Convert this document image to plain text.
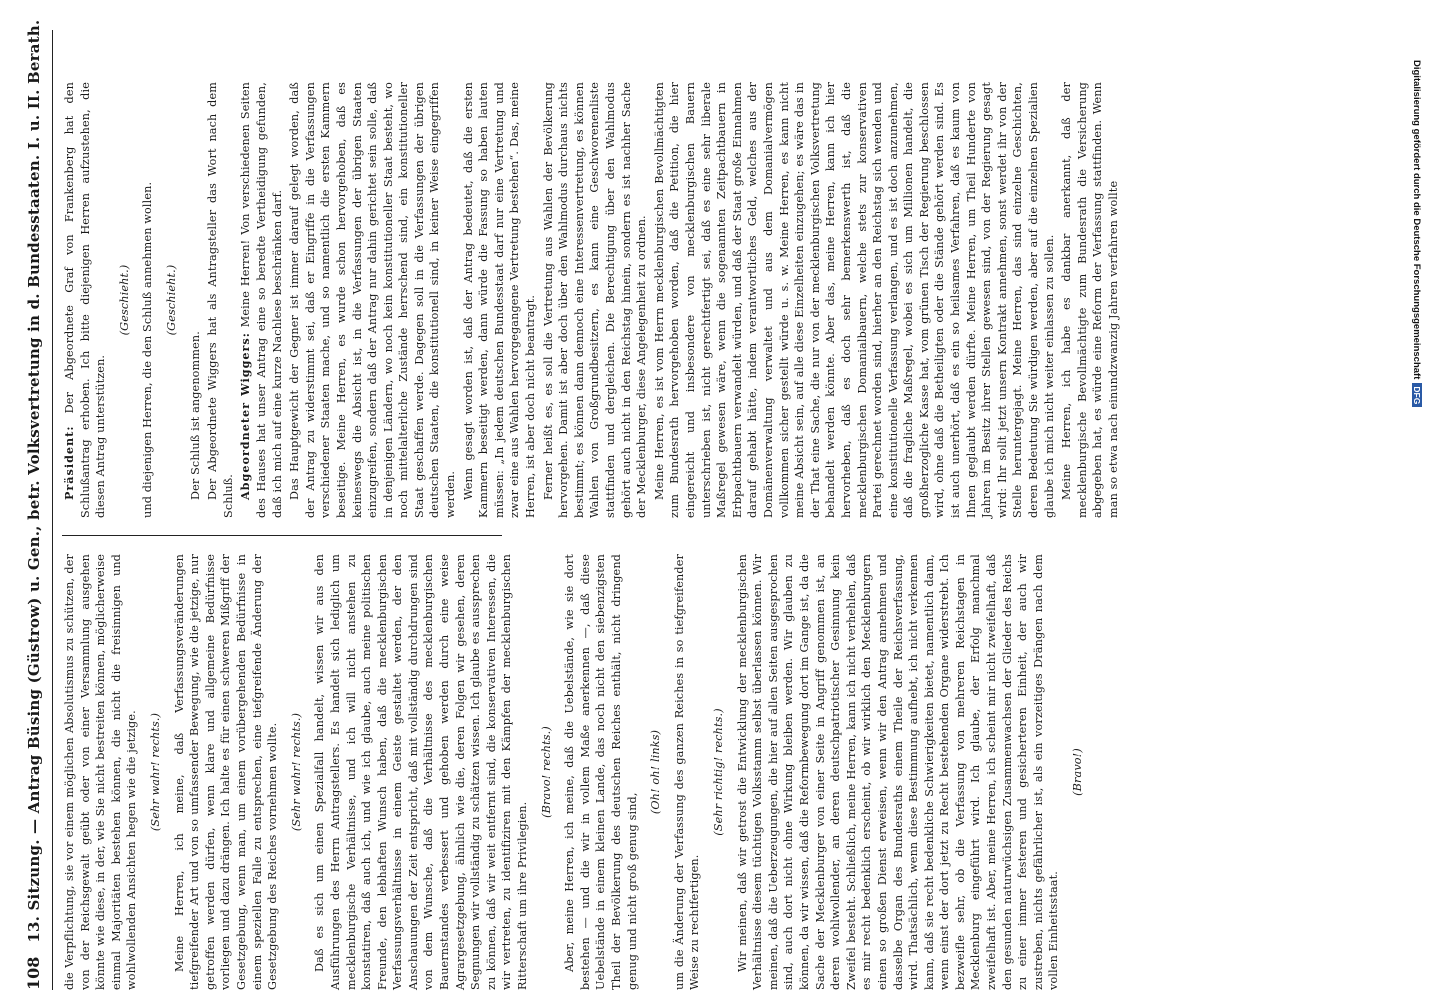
108
13. Sitzung. — Antrag Büsing (Güstrow) u. Gen., betr. Volksvertretung in d. Bundesstaaten. I. u. II. Berath. die Verpflichtung, sie vor einem möglichen Absolutismus zu schützen, der von der Reichsgewalt geübt oder von einer Versammlung ausgehen könnte wie diese, in der, wie Sie nicht bestreiten können, möglicherweise einmal Majoritäten bestehen können, die nicht die freisinnigen und wohlwollenden Ansichten hegen wie die jetzige. (Sehr wahr! rechts.) Meine Herren, ich meine, daß Verfassungsveränderungen tiefgreifender Art und von so umfassender Bewegung, wie die jetzige, nur getroffen werden dürfen, wenn klare und allgemeine Bedürfnisse vorliegen und dazu drängen. Ich halte es für einen schweren Mißgriff der Gesetzgebung, wenn man, um einem vorübergehenden Bedürfnisse in einem speziellen Falle zu entsprechen, eine tiefgreifende Änderung der Gesetzgebung des Reiches vornehmen wollte. (Sehr wahr! rechts.) Daß es sich um einen Spezialfall handelt, wissen wir aus den Ausführungen des Herrn Antragstellers. Es handelt sich lediglich um mecklenburgische Verhältnisse, und ich will nicht anstehen zu konstatiren, daß auch ich, und wie ich glaube, auch meine politischen Freunde, den lebhaften Wunsch haben, daß die mecklenburgischen Verfassungsverhältnisse in einem Geiste gestaltet werden, der den Anschauungen der Zeit entspricht, daß mit vollständig durchdrungen sind von dem Wunsche, daß die Verhältnisse des mecklenburgischen Bauernstandes verbessert und gehoben werden durch eine weise Agrargesetzgebung, ähnlich wie die, deren Folgen wir gesehen, deren Segnungen wir vollständig zu schätzen wissen. Ich glaube es aussprechen zu können, daß wir weit entfernt sind, die konservativen Interessen, die wir vertreten, zu identifiziren mit den Kämpfen der mecklenburgischen Ritterschaft um ihre Privilegien.

(Bravo! rechts.) Aber, meine Herren, ich meine, daß die Uebelstände, wie sie dort bestehen — und die wir in vollem Maße anerkennen —, daß diese Uebelstände in einem kleinen Lande, das noch nicht den siebenzigsten Theil der Bevölkerung des deutschen Reiches enthält, nicht dringend genug und nicht groß genug sind,

(Oh! oh! links) um die Änderung der Verfassung des ganzen Reiches in so tiefgreifender Weise zu rechtfertigen.

(Sehr richtig! rechts.) Wir meinen, daß wir getrost die Entwicklung der mecklenburgischen Verhältnisse diesem tüchtigen Volksstamm selbst überlassen können. Wir meinen, daß die Ueberzeugungen, die hier auf allen Seiten ausgesprochen sind, auch dort nicht ohne Wirkung bleiben werden. Wir glauben zu können, da wir wissen, daß die Reformbewegung dort im Gange ist, da die Sache der Mecklenburger von einer Seite in Angriff genommen ist, an deren wohlwollender, an deren deutschpatriotischer Gesinnung kein Zweifel besteht. Schließlich, meine Herren, kann ich nicht verhehlen, daß es mir recht bedenklich erscheint, ob wir wirklich den Mecklenburgern einen so großen Dienst erweisen, wenn wir den Antrag annehmen und dasselbe Organ des Bundesraths einem Theile der Reichsverfassung, wird. Thatsächlich, wenn diese Bestimmung aufhebt, ich nicht verkennen kann, daß sie recht bedenkliche Schwierigkeiten bietet, namentlich dann, wenn einst der dort jetzt zu Recht bestehenden Organe widerstrebt. Ich bezweifle sehr, ob die Verfassung von mehreren Reichstagen in Mecklenburg eingeführt wird. Ich glaube, der Erfolg manchmal zweifelhaft ist. Aber, meine Herren, ich scheint mir nicht zweifelhaft, daß den gesunden naturwüchsigen Zusammenwachsen der Glieder des Reichs zu einer immer festeren und gesicherteren Einheit, der auch wir zustreben, nichts gefährlicher ist, als ein vorzeitiges Drängen nach dem vollen Einheitsstaat.

(Bravo!)

Präsident: Der Abgeordnete Graf von Frankenberg hat den Schlußantrag erhoben. Ich bitte diejenigen Herren aufzustehen, die diesen Antrag unterstützen.

(Geschieht.) und diejenigen Herren, die den Schluß annehmen wollen. (Geschieht.)

Der Schluß ist angenommen. Der Abgeordnete Wiggers hat als Antragsteller das Wort nach dem Schluß. Abgeordneter Wiggers: Meine Herren! Von verschiedenen Seiten des Hauses hat unser Antrag eine so beredte Vertheidigung gefunden, daß ich mich auf eine kurze Nachlese beschränken darf. Das Hauptgewicht der Gegner ist immer darauf gelegt worden, daß der Antrag zu widerstimmt sei, daß er Eingriffe in die Verfassungen verschiedener Staaten mache, und so namentlich die ersten Kammern beseitige. Meine Herren, es wurde schon hervorgehoben, daß es keineswegs die Absicht ist, in die Verfassungen der übrigen Staaten einzugreifen, sondern daß der Antrag nur dahin gerichtet sein solle, daß in denjenigen Ländern, wo noch kein konstitutioneller Staat besteht, wo noch mittelalterliche Zustände herrschend sind, ein konstitutioneller Staat geschaffen werde. Dagegen soll in die Verfassungen der übrigen deutschen Staaten, die konstitutionell sind, in keiner Weise eingegriffen werden. Wenn gesagt worden ist, daß der Antrag bedeutet, daß die ersten Kammern beseitigt werden, dann würde die Fassung so haben lauten müssen: „In jedem deutschen Bundesstaat darf nur eine Vertretung und zwar eine aus Wahlen hervorgegangene Vertretung bestehen“. Das, meine Herren, ist aber doch nicht beantragt. Ferner heißt es, es soll die Vertretung aus Wahlen der Bevölkerung hervorgehen. Damit ist aber doch über den Wahlmodus durchaus nichts bestimmt; es können dann dennoch eine Interessenvertretung, es können Wahlen von Großgrundbesitzern, es kann eine Geschworenenliste stattfinden und dergleichen. Die Berechtigung über den Wahlmodus gehört auch nicht in den Reichstag hinein, sondern es ist nachher Sache der Mecklenburger, diese Angelegenheit zu ordnen. Meine Herren, es ist vom Herrn mecklenburgischen Bevollmächtigten zum Bundesrath hervorgehoben worden, daß die Petition, die hier eingereicht und insbesondere von mecklenburgischen Bauern unterschrieben ist, nicht gerechtfertigt sei, daß es eine sehr liberale Maßregel gewesen wäre, wenn die sogenannten Zeitpachtbauern in Erbpachtbauern verwandelt würden, und daß der Staat große Einnahmen darauf gehabt hätte, indem verantwortliches Geld, welches aus der Domänenverwaltung verwaltet und aus dem Domanialvermögen vollkommen sicher gestellt würde u. s. w. Meine Herren, es kann nicht meine Absicht sein, auf alle diese Einzelheiten einzugehen; es wäre das in der That eine Sache, die nur von der mecklenburgischen Volksvertretung behandelt werden könnte. Aber das, meine Herren, kann ich hier hervorheben, daß es doch sehr bemerkenswerth ist, daß die mecklenburgischen Domanialbauern, welche stets zur konservativen Partei gerechnet worden sind, hierher an den Reichstag sich wenden und eine konstitutionelle Verfassung verlangen, und es ist doch anzunehmen, daß die fragliche Maßregel, wobei es sich um Millionen handelt, die großherzogliche Kasse hat, vom grünen Tisch der Regierung beschlossen wird, ohne daß die Betheiligten oder die Stände gehört werden sind. Es ist auch unerhört, daß es ein so heilsames Verfahren, daß es kaum von Ihnen geglaubt werden dürfte. Meine Herren, um Theil Hunderte von Jahren im Besitz ihrer Stellen gewesen sind, von der Regierung gesagt wird: Ihr sollt jetzt unsern Kontrakt annehmen, sonst werdet ihr von der Stelle heruntergejagt. Meine Herren, das sind einzelne Geschichten, deren Bedeutung Sie würdigen werden, aber auf die einzelnen Spezialien glaube ich mich nicht weiter einlassen zu sollen. Meine Herren, ich habe es dankbar anerkannt, daß der mecklenburgische Bevollmächtigte zum Bundesrath die Versicherung abgegeben hat, es würde eine Reform der Verfassung stattfinden. Wenn man so etwa nach einundzwanzig Jahren verfahren wollte	Digitalisierung gefördert durch die Deutsche ForschungsgemeinschaftDFG
